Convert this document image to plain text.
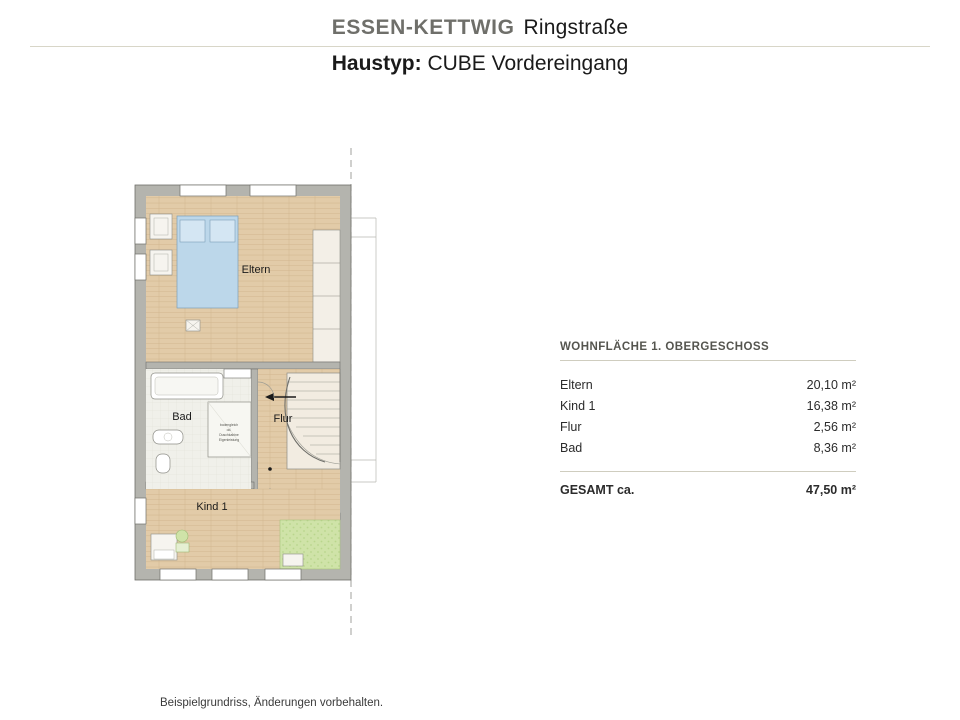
ESSEN-KETTWIG Ringstraße
Haustyp: CUBE Vordereingang
Eltern
bodengleich
od.
Duschkabine
Eigenleistung
Bad	Flur
Kind 1
WOHNFLÄCHE 1. OBERGESCHOSS
Eltern	20,10 m²
Kind 1	16,38 m²
Flur	2,56 m²
Bad	8,36 m²
GESAMT ca.	47,50 m²
Beispielgrundriss, Änderungen vorbehalten.
